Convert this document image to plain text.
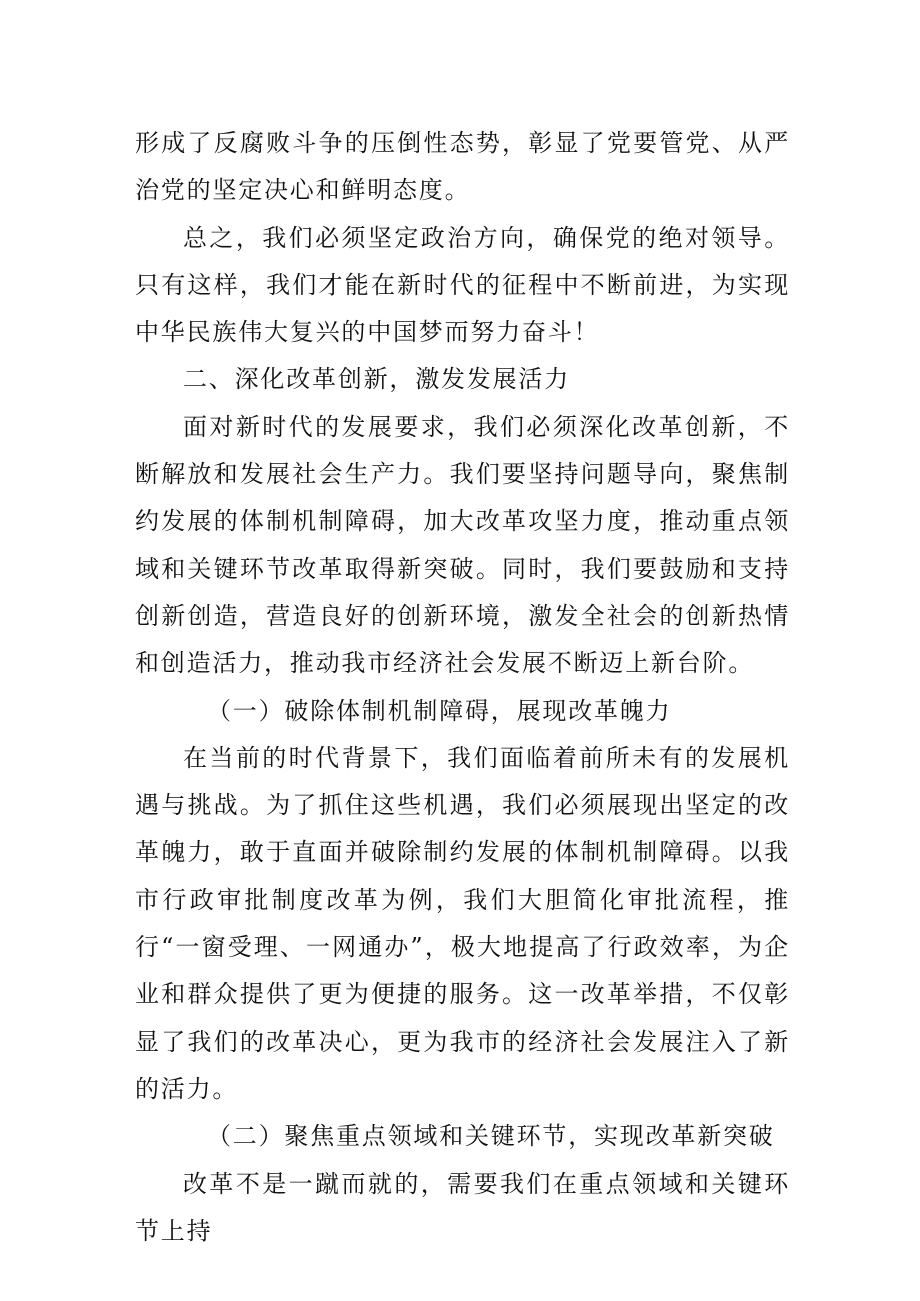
形成了反腐败斗争的压倒性态势，彰显了党要管党、从严治党的坚定决心和鲜明态度。

总之，我们必须坚定政治方向，确保党的绝对领导。只有这样，我们才能在新时代的征程中不断前进，为实现中华民族伟大复兴的中国梦而努力奋斗！

二、深化改革创新，激发发展活力

面对新时代的发展要求，我们必须深化改革创新，不断解放和发展社会生产力。我们要坚持问题导向，聚焦制约发展的体制机制障碍，加大改革攻坚力度，推动重点领域和关键环节改革取得新突破。同时，我们要鼓励和支持创新创造，营造良好的创新环境，激发全社会的创新热情和创造活力，推动我市经济社会发展不断迈上新台阶。

（一）破除体制机制障碍，展现改革魄力

在当前的时代背景下，我们面临着前所未有的发展机遇与挑战。为了抓住这些机遇，我们必须展现出坚定的改革魄力，敢于直面并破除制约发展的体制机制障碍。以我市行政审批制度改革为例，我们大胆简化审批流程，推行“一窗受理、一网通办”，极大地提高了行政效率，为企业和群众提供了更为便捷的服务。这一改革举措，不仅彰显了我们的改革决心，更为我市的经济社会发展注入了新的活力。

（二）聚焦重点领域和关键环节，实现改革新突破

改革不是一蹴而就的，需要我们在重点领域和关键环节上持
